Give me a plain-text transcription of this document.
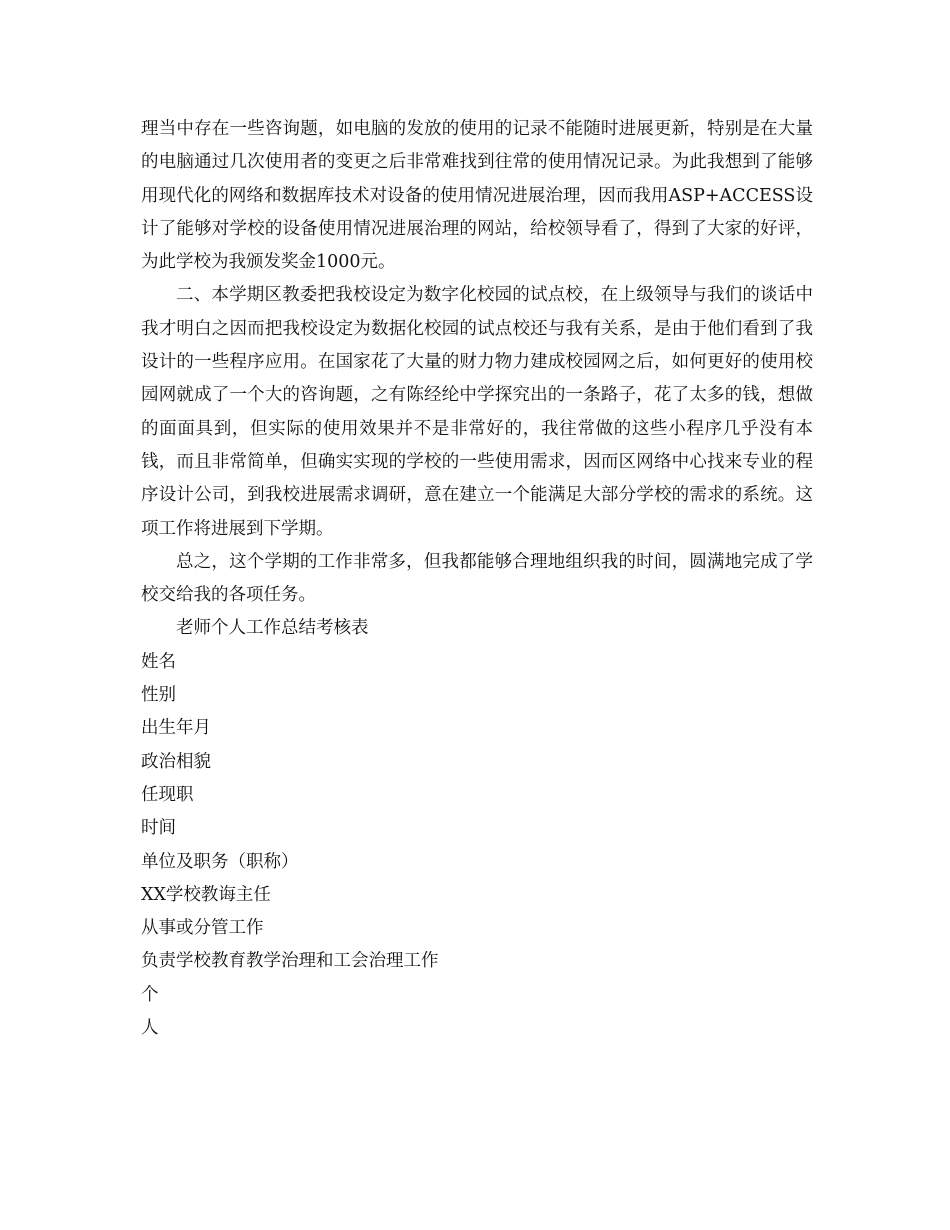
理当中存在一些咨询题，如电脑的发放的使用的记录不能随时进展更新，特别是在大量的电脑通过几次使用者的变更之后非常难找到往常的使用情况记录。为此我想到了能够用现代化的网络和数据库技术对设备的使用情况进展治理，因而我用ASP+ACCESS设计了能够对学校的设备使用情况进展治理的网站，给校领导看了，得到了大家的好评，为此学校为我颁发奖金1000元。

二、本学期区教委把我校设定为数字化校园的试点校，在上级领导与我们的谈话中我才明白之因而把我校设定为数据化校园的试点校还与我有关系，是由于他们看到了我设计的一些程序应用。在国家花了大量的财力物力建成校园网之后，如何更好的使用校园网就成了一个大的咨询题，之有陈经纶中学探究出的一条路子，花了太多的钱，想做的面面具到，但实际的使用效果并不是非常好的，我往常做的这些小程序几乎没有本钱，而且非常简单，但确实实现的学校的一些使用需求，因而区网络中心找来专业的程序设计公司，到我校进展需求调研，意在建立一个能满足大部分学校的需求的系统。这项工作将进展到下学期。

总之，这个学期的工作非常多，但我都能够合理地组织我的时间，圆满地完成了学校交给我的各项任务。

老师个人工作总结考核表

姓名

性别

出生年月

政治相貌

任现职

时间

单位及职务（职称）

XX学校教诲主任

从事或分管工作

负责学校教育教学治理和工会治理工作

个

人
